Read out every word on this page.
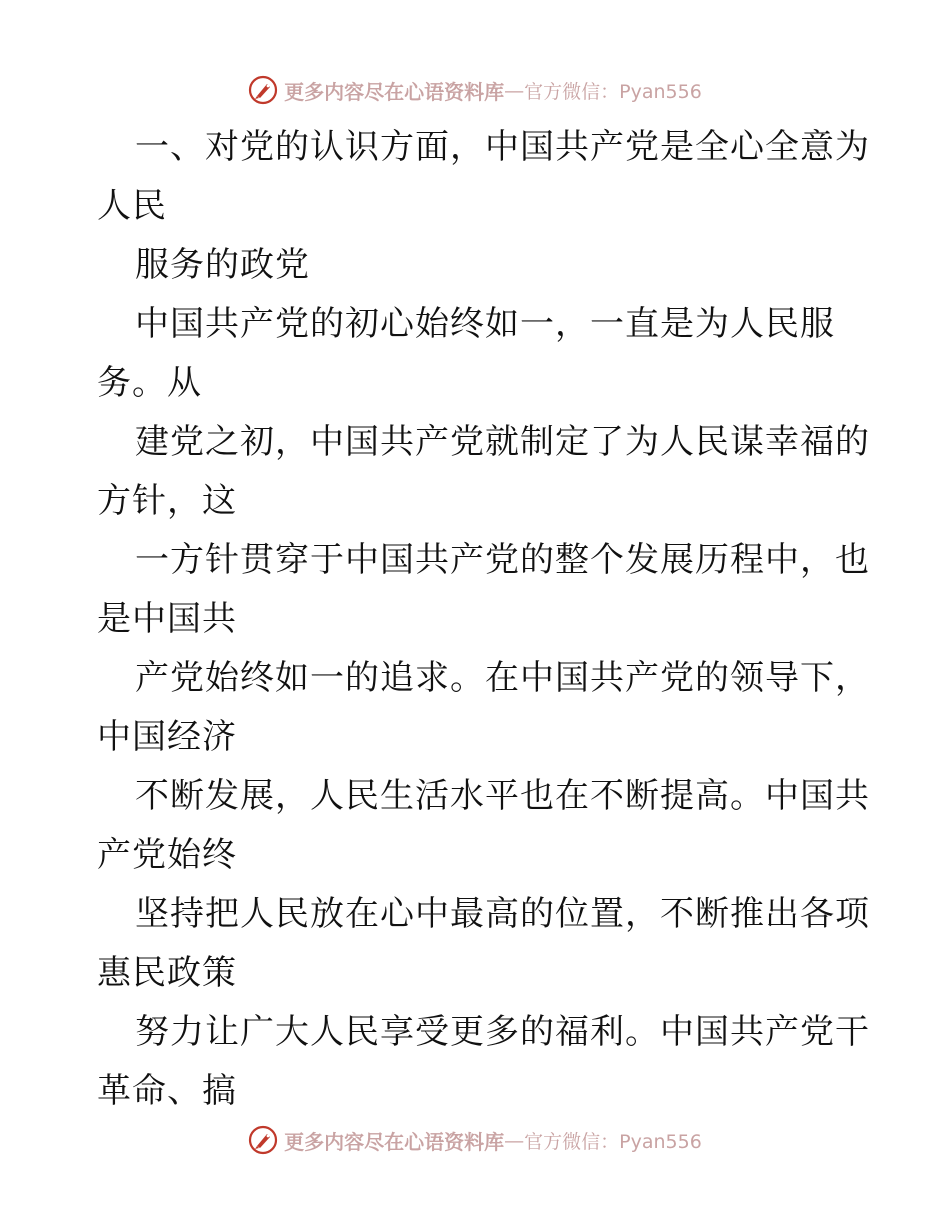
更多内容尽在心语资料库 — 官方微信：Pyan556
一、对党的认识方面，中国共产党是全心全意为
人民
服务的政党
中国共产党的初心始终如一，一直是为人民服
务。从
建党之初，中国共产党就制定了为人民谋幸福的
方针，这
一方针贯穿于中国共产党的整个发展历程中，也
是中国共
产党始终如一的追求。在中国共产党的领导下，
中国经济
不断发展，人民生活水平也在不断提高。中国共
产党始终
坚持把人民放在心中最高的位置，不断推出各项
惠民政策
努力让广大人民享受更多的福利。中国共产党干
革命、搞
更多内容尽在心语资料库 — 官方微信：Pyan556
